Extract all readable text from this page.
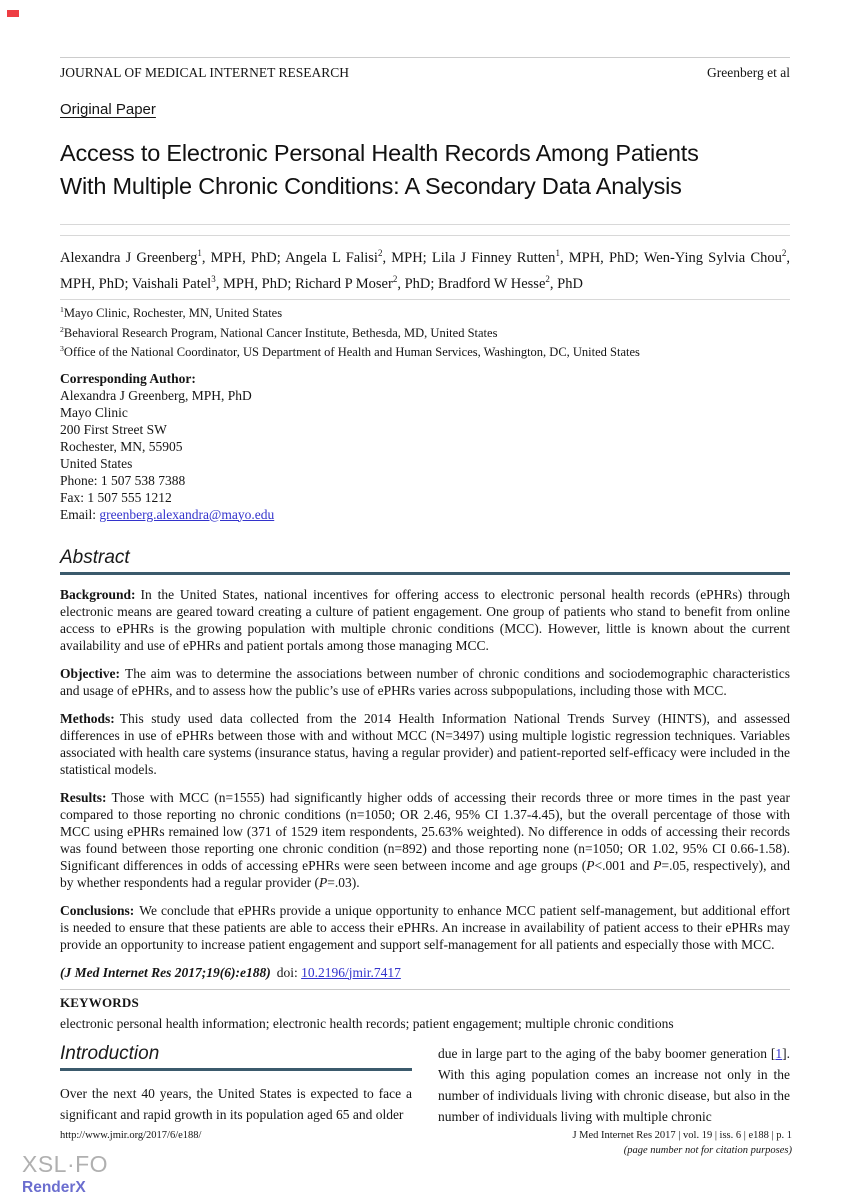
JOURNAL OF MEDICAL INTERNET RESEARCH	Greenberg et al
Original Paper
Access to Electronic Personal Health Records Among Patients
With Multiple Chronic Conditions: A Secondary Data Analysis

Alexandra J Greenberg$^1$, MPH, PhD; Angela L Falisi$^2$, MPH; Lila J Finney Rutten$^1$, MPH, PhD; Wen-Ying Sylvia Chou$^2$, MPH, PhD; Vaishali Patel$^3$, MPH, PhD; Richard P Moser$^2$, PhD; Bradford W Hesse$^2$, PhD

$^1$Mayo Clinic, Rochester, MN, United States

$^2$Behavioral Research Program, National Cancer Institute, Bethesda, MD, United States

$^3$Office of the National Coordinator, US Department of Health and Human Services, Washington, DC, United States

Corresponding Author:

Alexandra J Greenberg, MPH, PhD

Mayo Clinic

200 First Street SW

Rochester, MN, 55905

United States

Phone: 1 507 538 7388

Fax: 1 507 555 1212

Email: greenberg.alexandra@mayo.edu

Abstract

Background: In the United States, national incentives for offering access to electronic personal health records (ePHRs) through electronic means are geared toward creating a culture of patient engagement. One group of patients who stand to benefit from online access to ePHRs is the growing population with multiple chronic conditions (MCC). However, little is known about the current availability and use of ePHRs and patient portals among those managing MCC.

Objective: The aim was to determine the associations between number of chronic conditions and sociodemographic characteristics and usage of ePHRs, and to assess how the public’s use of ePHRs varies across subpopulations, including those with MCC.

Methods: This study used data collected from the 2014 Health Information National Trends Survey (HINTS), and assessed differences in use of ePHRs between those with and without MCC (N=3497) using multiple logistic regression techniques. Variables associated with health care systems (insurance status, having a regular provider) and patient-reported self-efficacy were included in the statistical models.

Results: Those with MCC (n=1555) had significantly higher odds of accessing their records three or more times in the past year compared to those reporting no chronic conditions (n=1050; OR 2.46, 95% CI 1.37-4.45), but the overall percentage of those with MCC using ePHRs remained low (371 of 1529 item respondents, 25.63% weighted). No difference in odds of accessing their records was found between those reporting one chronic condition (n=892) and those reporting none (n=1050; OR 1.02, 95% CI 0.66-1.58). Significant differences in odds of accessing ePHRs were seen between income and age groups (P<.001 and P=.05, respectively), and by whether respondents had a regular provider (P=.03).

Conclusions: We conclude that ePHRs provide a unique opportunity to enhance MCC patient self-management, but additional effort is needed to ensure that these patients are able to access their ePHRs. An increase in availability of patient access to their ePHRs may provide an opportunity to increase patient engagement and support self-management for all patients and especially those with MCC.

(J Med Internet Res 2017;19(6):e188) doi: 10.2196/jmir.7417

KEYWORDS

electronic personal health information; electronic health records; patient engagement; multiple chronic conditions

Introduction

Over the next 40 years, the United States is expected to face a significant and rapid growth in its population aged 65 and older

due in large part to the aging of the baby boomer generation [1]. With this aging population comes an increase not only in the number of individuals living with chronic disease, but also in the number of individuals living with multiple chronic

http://www.jmir.org/2017/6/e188/	J Med Internet Res 2017 | vol. 19 | iss. 6 | e188 | p. 1
(page number not for citation purposes)
XSL·FO
RenderX
